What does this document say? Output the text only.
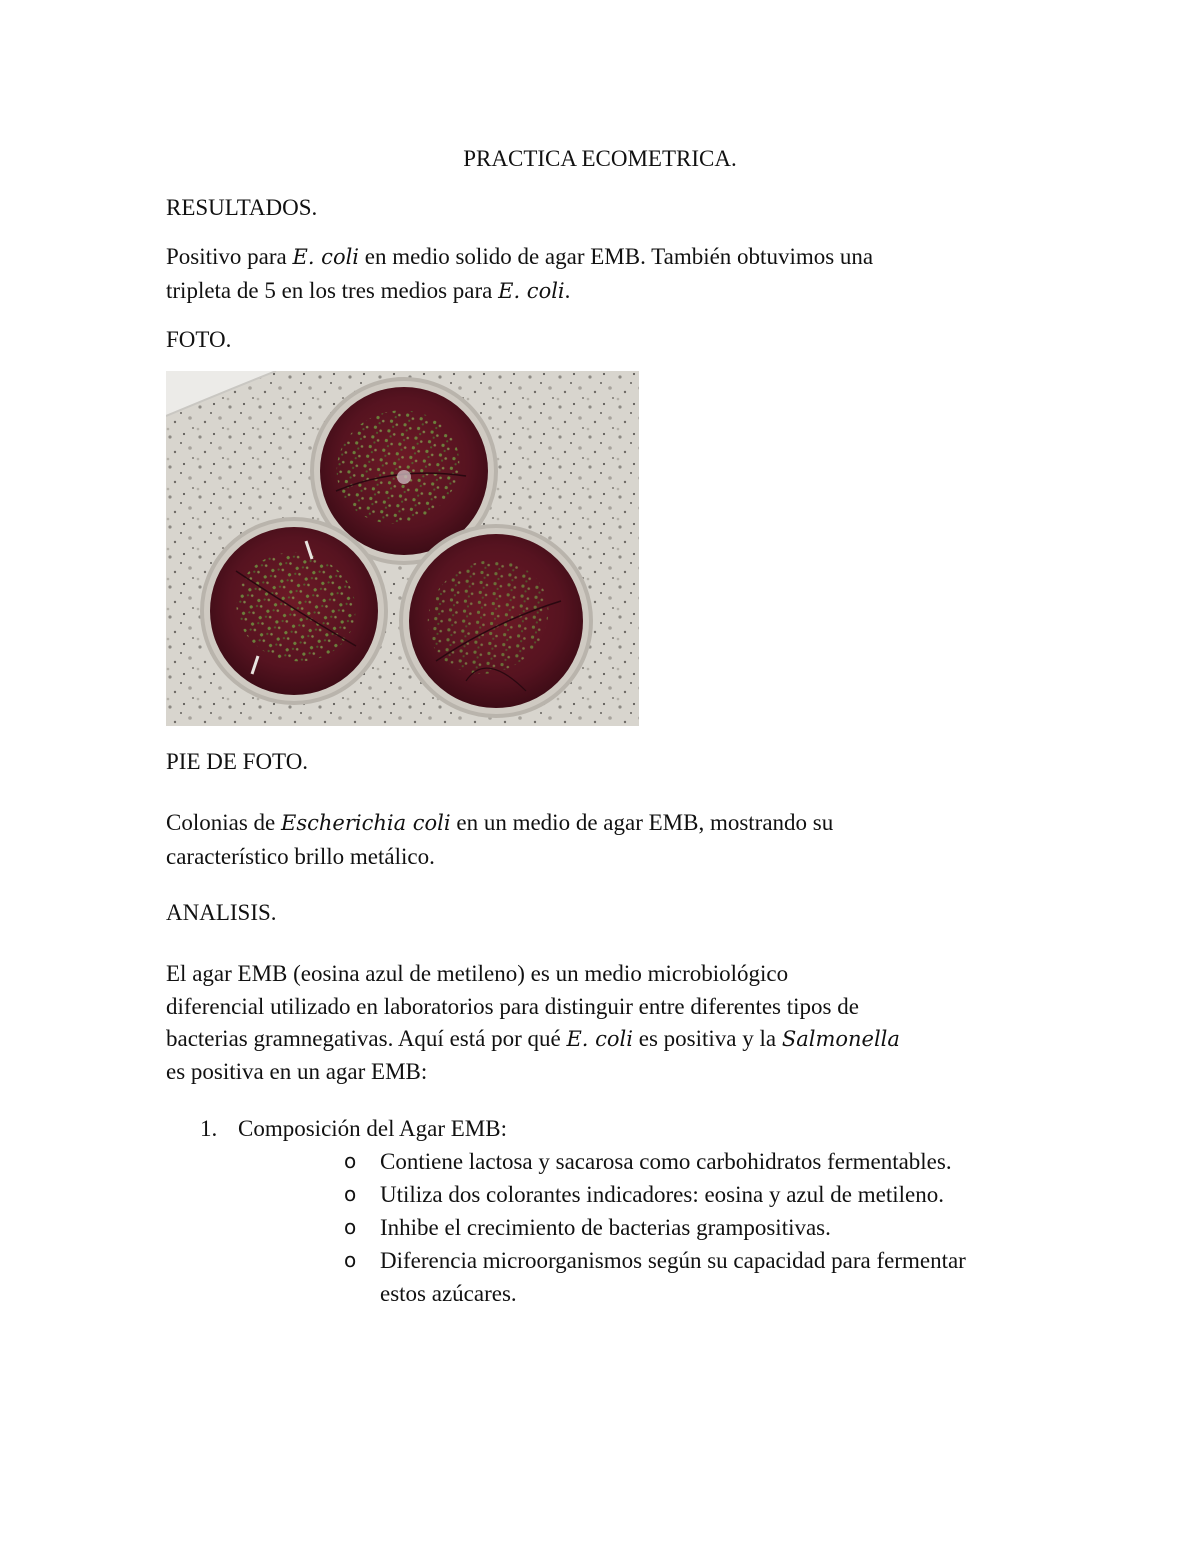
PRACTICA ECOMETRICA.

RESULTADOS.

Positivo para E. coli en medio solido de agar EMB. También obtuvimos una

tripleta de 5 en los tres medios para E. coli.

FOTO.

PIE DE FOTO.

Colonias de Escherichia coli en un medio de agar EMB, mostrando su

característico brillo metálico.

ANALISIS.

El agar EMB (eosina azul de metileno) es un medio microbiológico

diferencial utilizado en laboratorios para distinguir entre diferentes tipos de

bacterias gramnegativas. Aquí está por qué E. coli es positiva y la Salmonella

es positiva en un agar EMB:

1. Composición del Agar EMB:
o Contiene lactosa y sacarosa como carbohidratos fermentables.
o Utiliza dos colorantes indicadores: eosina y azul de metileno.
o Inhibe el crecimiento de bacterias grampositivas.
o Diferencia microorganismos según su capacidad para fermentar
estos azúcares.
